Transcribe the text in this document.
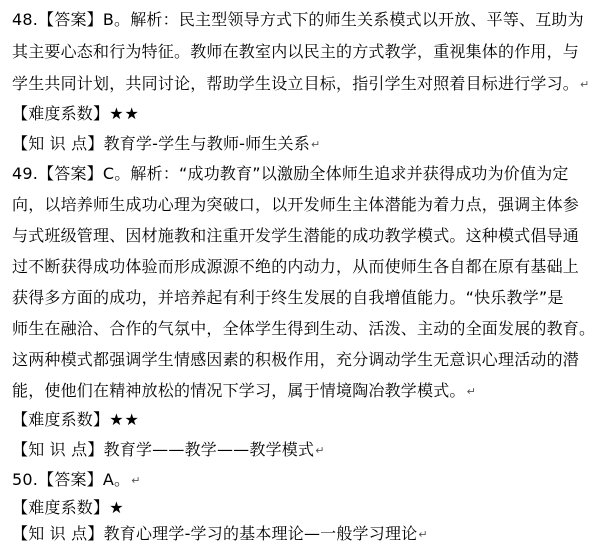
48.【答案】B。解析：民主型领导方式下的师生关系模式以开放、平等、互助为
其主要心态和行为特征。教师在教室内以民主的方式教学，重视集体的作用，与
学生共同计划，共同讨论，帮助学生设立目标，指引学生对照着目标进行学习。↵
【难度系数】★★
【知 识 点】教育学-学生与教师-师生关系↵
49.【答案】C。解析：“成功教育”以激励全体师生追求并获得成功为价值为定
向，以培养师生成功心理为突破口，以开发师生主体潜能为着力点，强调主体参
与式班级管理、因材施教和注重开发学生潜能的成功教学模式。这种模式倡导通
过不断获得成功体验而形成源源不绝的内动力，从而使师生各自都在原有基础上
获得多方面的成功，并培养起有利于终生发展的自我增值能力。“快乐教学”是
师生在融洽、合作的气氛中，全体学生得到生动、活泼、主动的全面发展的教育。
这两种模式都强调学生情感因素的积极作用，充分调动学生无意识心理活动的潜
能，使他们在精神放松的情况下学习，属于情境陶冶教学模式。↵
【难度系数】★★
【知 识 点】教育学——教学——教学模式↵
50.【答案】A。↵
【难度系数】★
【知 识 点】教育心理学-学习的基本理论—一般学习理论↵
